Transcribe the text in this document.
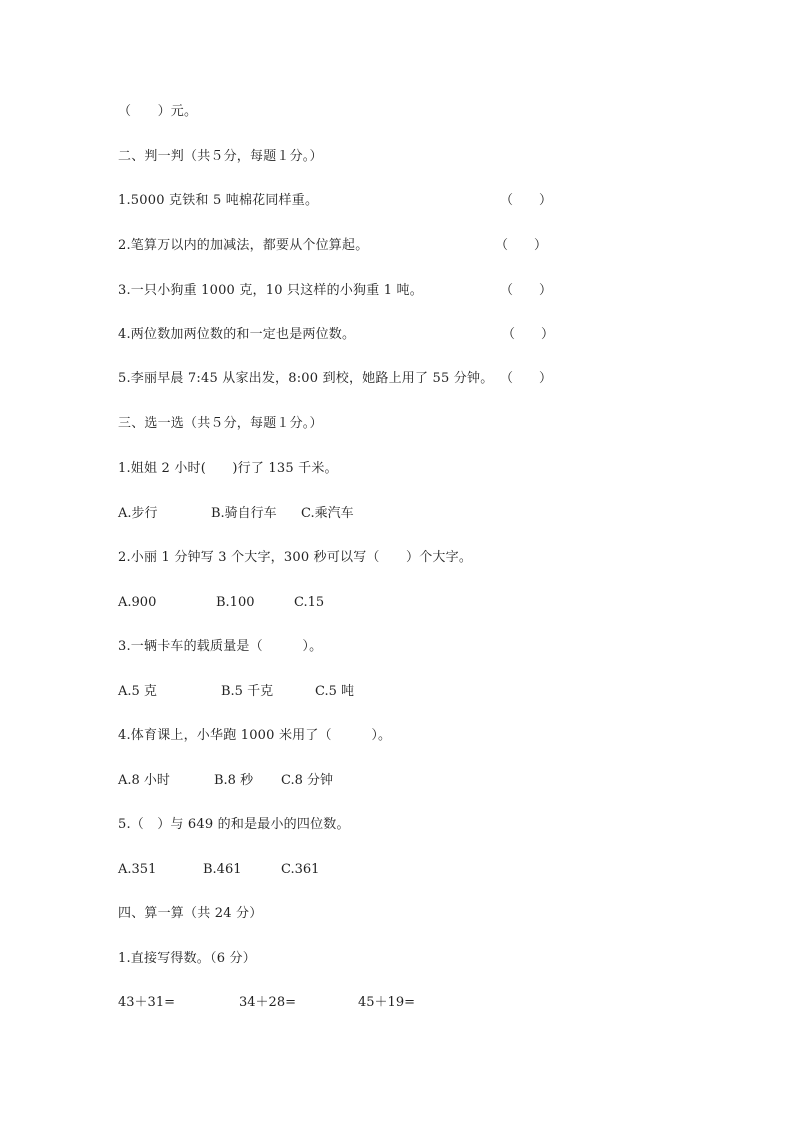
（　　）元。
二、判一判（共５分，每题１分。）
1.5000 克铁和 5 吨棉花同样重。	（　　）
2.笔算万以内的加减法，都要从个位算起。	（　　）
3.一只小狗重 1000 克，10 只这样的小狗重 1 吨。	（　　）
4.两位数加两位数的和一定也是两位数。	（　　）
5.李丽早晨 7:45 从家出发，8:00 到校，她路上用了 55 分钟。 （　　）
三、选一选（共５分，每题１分。）
1.姐姐 2 小时(　　)行了 135 千米。
A.步行	B.骑自行车 C.乘汽车
2.小丽 1 分钟写 3 个大字，300 秒可以写（　　）个大字。
A.900	B.100	C.15
3.一辆卡车的载质量是（　　　）。
A.5 克	B.5 千克	C.5 吨
4.体育课上，小华跑 1000 米用了（　　　）。
A.8 小时	B.8 秒 C.8 分钟
5.（　）与 649 的和是最小的四位数。
A.351	B.461	C.361
四、算一算（共 24 分）
1.直接写得数。（6 分）
43＋31=	34＋28=	45＋19=
